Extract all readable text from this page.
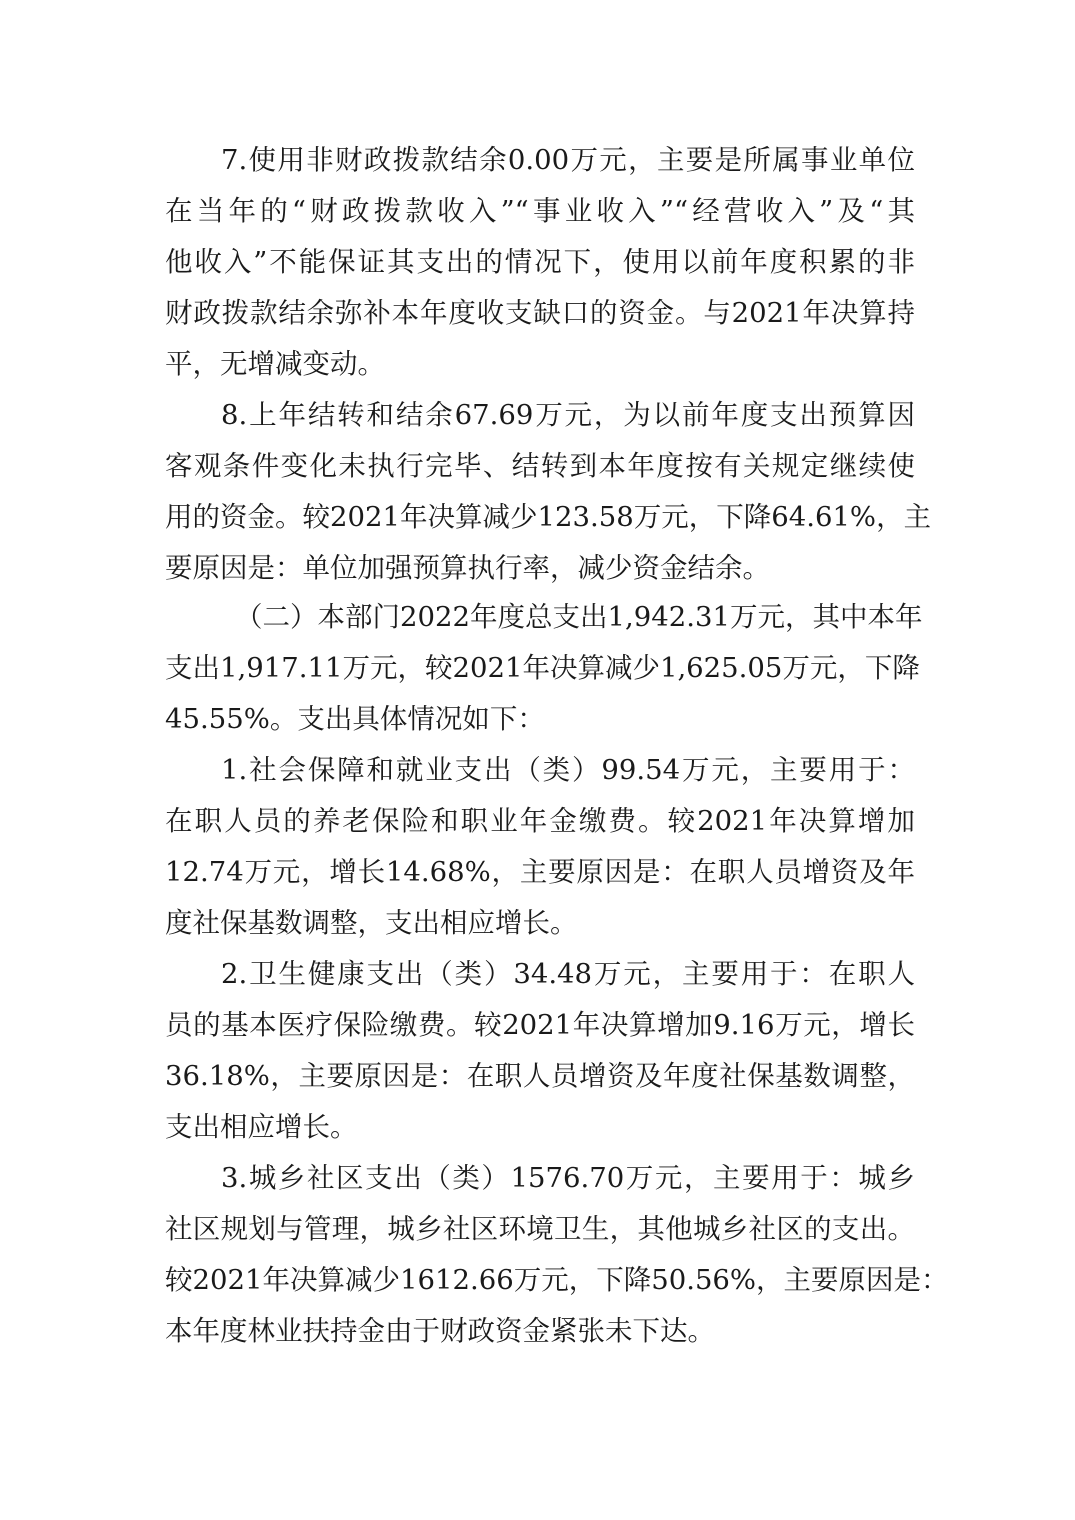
7.使用非财政拨款结余0.00万元，主要是所属事业单位
在当年的“财政拨款收入”“事业收入”“经营收入”及“其
他收入”不能保证其支出的情况下，使用以前年度积累的非
财政拨款结余弥补本年度收支缺口的资金。与2021年决算持
平，无增减变动。
8.上年结转和结余67.69万元，为以前年度支出预算因
客观条件变化未执行完毕、结转到本年度按有关规定继续使
用的资金。较2021年决算减少123.58万元，下降64.61%，主
要原因是：单位加强预算执行率，减少资金结余。
（二）本部门2022年度总支出1,942.31万元，其中本年
支出1,917.11万元，较2021年决算减少1,625.05万元，下降
45.55%。支出具体情况如下：
1.社会保障和就业支出（类）99.54万元，主要用于：
在职人员的养老保险和职业年金缴费。较2021年决算增加
12.74万元，增长14.68%，主要原因是：在职人员增资及年
度社保基数调整，支出相应增长。
2.卫生健康支出（类）34.48万元，主要用于：在职人
员的基本医疗保险缴费。较2021年决算增加9.16万元，增长
36.18%，主要原因是：在职人员增资及年度社保基数调整，
支出相应增长。
3.城乡社区支出（类）1576.70万元，主要用于：城乡
社区规划与管理，城乡社区环境卫生，其他城乡社区的支出。
较2021年决算减少1612.66万元，下降50.56%，主要原因是：
本年度林业扶持金由于财政资金紧张未下达。
